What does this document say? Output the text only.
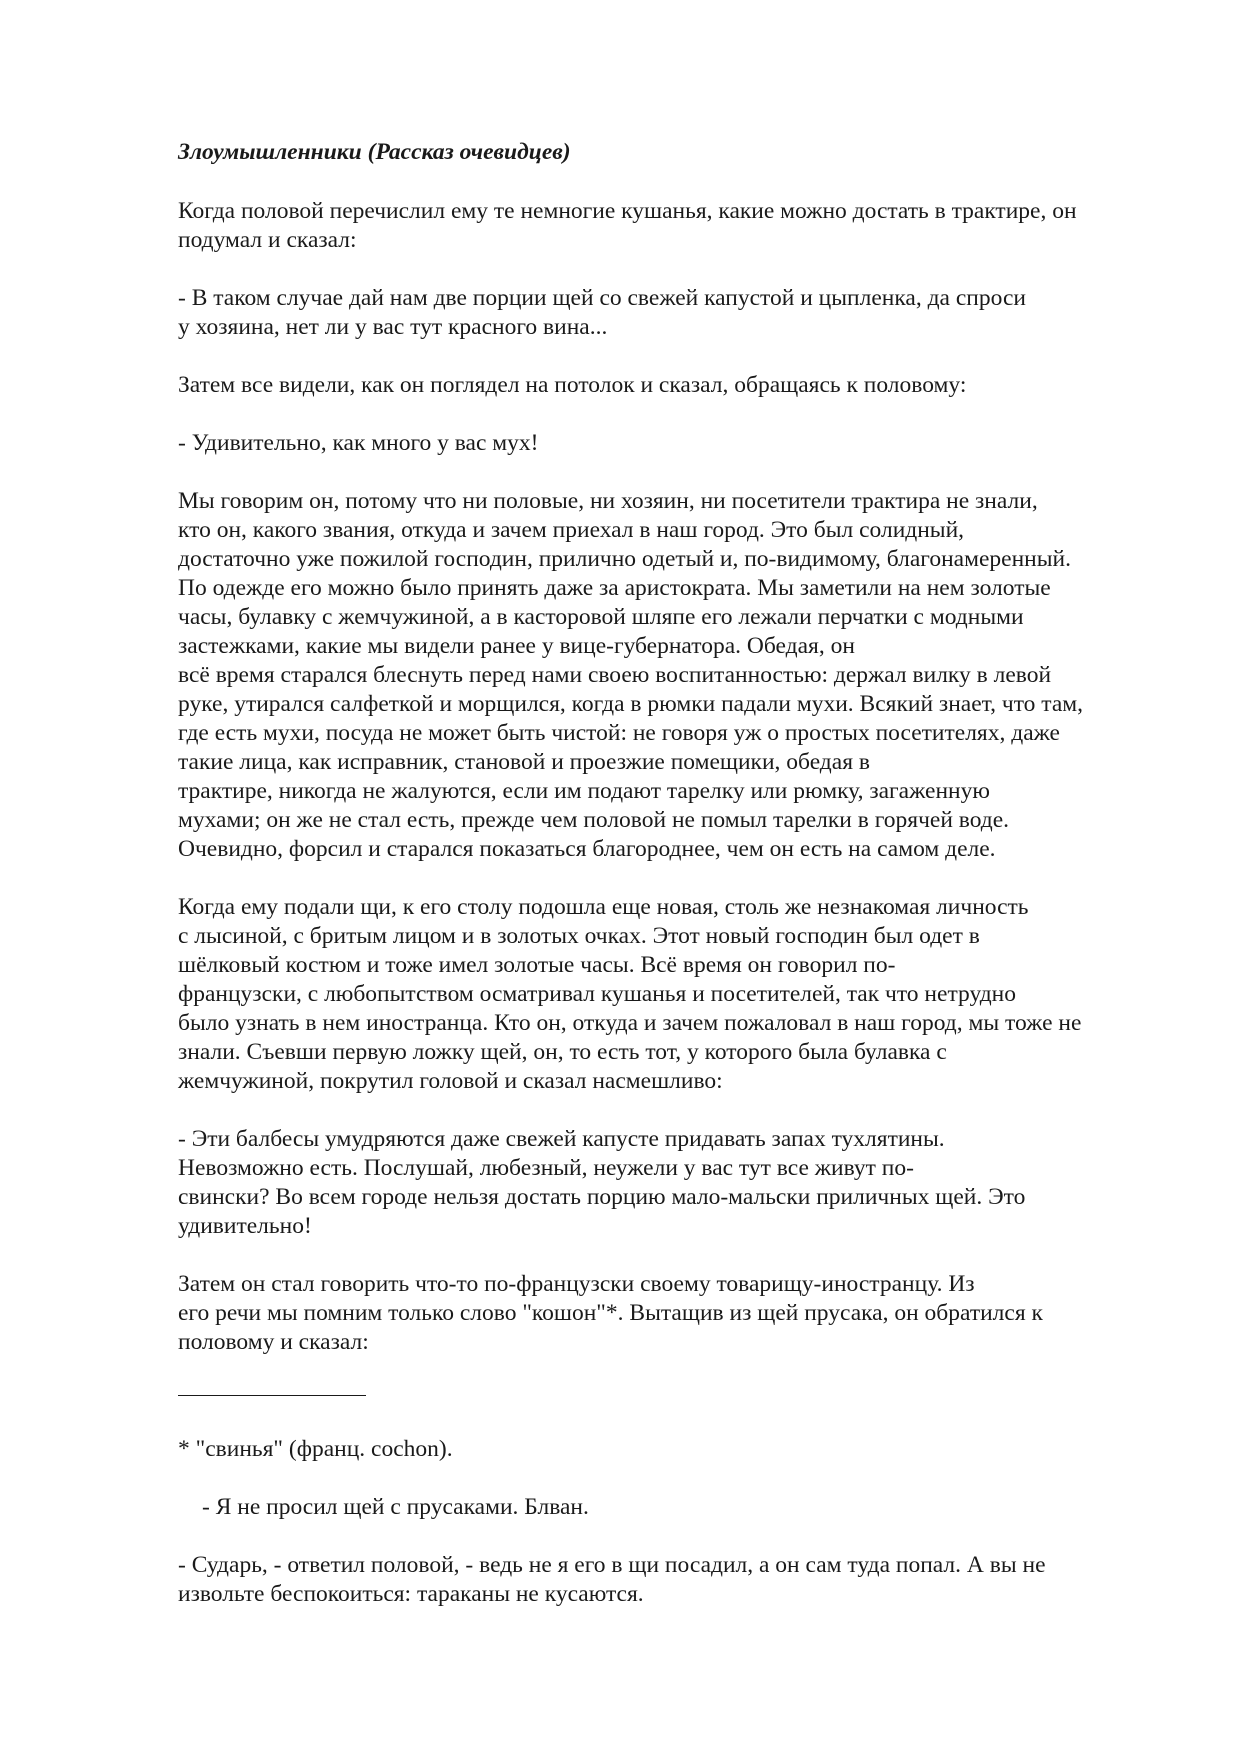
Злоумышленники (Рассказ очевидцев)
Когда половой перечислил ему те немногие кушанья, какие можно достать в трактире, он
подумал и сказал:
- В таком случае дай нам две порции щей со свежей капустой и цыпленка, да спроси
у хозяина, нет ли у вас тут красного вина...
Затем все видели, как он поглядел на потолок и сказал, обращаясь к половому:
- Удивительно, как много у вас мух!
Мы говорим он, потому что ни половые, ни хозяин, ни посетители трактира не знали,
кто он, какого звания, откуда и зачем приехал в наш город. Это был солидный,
достаточно уже пожилой господин, прилично одетый и, по-видимому, благонамеренный.
По одежде его можно было принять даже за аристократа. Мы заметили на нем золотые
часы, булавку с жемчужиной, а в касторовой шляпе его лежали перчатки с модными
застежками, какие мы видели ранее у вице-губернатора. Обедая, он
всё время старался блеснуть перед нами своею воспитанностью: держал вилку в левой
руке, утирался салфеткой и морщился, когда в рюмки падали мухи. Всякий знает, что там,
где есть мухи, посуда не может быть чистой: не говоря уж о простых посетителях, даже
такие лица, как исправник, становой и проезжие помещики, обедая в
трактире, никогда не жалуются, если им подают тарелку или рюмку, загаженную
мухами; он же не стал есть, прежде чем половой не помыл тарелки в горячей воде.
Очевидно, форсил и старался показаться благороднее, чем он есть на самом деле.
Когда ему подали щи, к его столу подошла еще новая, столь же незнакомая личность
с лысиной, с бритым лицом и в золотых очках. Этот новый господин был одет в
шёлковый костюм и тоже имел золотые часы. Всё время он говорил по-
французски, с любопытством осматривал кушанья и посетителей, так что нетрудно
было узнать в нем иностранца. Кто он, откуда и зачем пожаловал в наш город, мы тоже не
знали. Съевши первую ложку щей, он, то есть тот, у которого была булавка с
жемчужиной, покрутил головой и сказал насмешливо:
- Эти балбесы умудряются даже свежей капусте придавать запах тухлятины.
Невозможно есть. Послушай, любезный, неужели у вас тут все живут по-
свински? Во всем городе нельзя достать порцию мало-мальски приличных щей. Это
удивительно!
Затем он стал говорить что-то по-французски своему товарищу-иностранцу. Из
его речи мы помним только слово "кошон"*. Вытащив из щей прусака, он обратился к
половому и сказал:
* "свинья" (франц. cochon).
- Я не просил щей с прусаками. Блван.
- Сударь, - ответил половой, - ведь не я его в щи посадил, а он сам туда попал. А вы не
извольте беспокоиться: тараканы не кусаются.
